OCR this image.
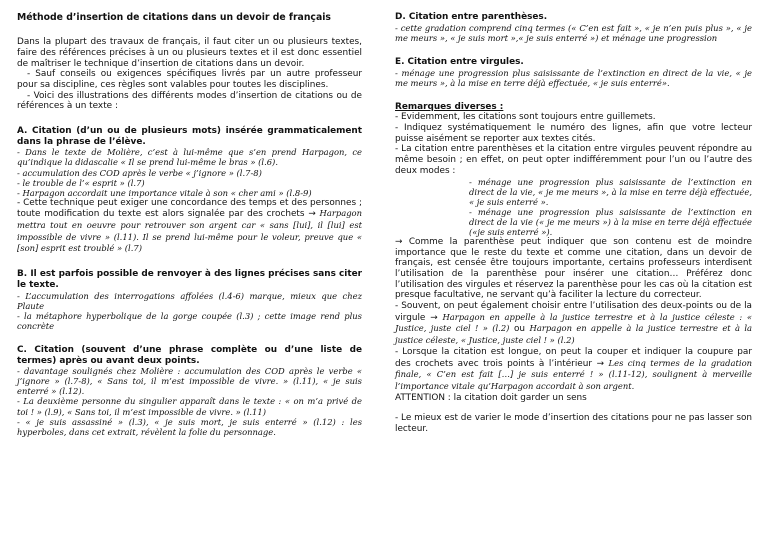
Méthode d’insertion de citations dans un devoir de français

Dans la plupart des travaux de français, il faut citer un ou plusieurs textes, faire des références précises à un ou plusieurs textes et il est donc essentiel de maîtriser le technique d’insertion de citations dans un devoir.

- Sauf conseils ou exigences spécifiques livrés par un autre professeur pour sa discipline, ces règles sont valables pour toutes les disciplines.

- Voici des illustrations des différents modes d’insertion de citations ou de références à un texte :

A. Citation (d’un ou de plusieurs mots) insérée grammaticalement dans la phrase de l’élève.

- Dans le texte de Molière, c’est à lui-même que s’en prend Harpagon, ce qu’indique la didascalie « Il se prend lui-même le bras » (l.6).

- accumulation des COD après le verbe « j’ignore » (l.7-8)

- le trouble de l’« esprit » (l.7)

- Harpagon accordait une importance vitale à son « cher ami » (l.8-9)

- Cette technique peut exiger une concordance des temps et des personnes ; toute modification du texte est alors signalée par des crochets → Harpagon mettra tout en oeuvre pour retrouver son argent car « sans [lui], il [lui] est impossible de vivre » (l.11). Il se prend lui-même pour le voleur, preuve que « [son] esprit est troublé » (l.7)

B. Il est parfois possible de renvoyer à des lignes précises sans citer le texte.

- L’accumulation des interrogations affolées (l.4-6) marque, mieux que chez Plaute

- la métaphore hyperbolique de la gorge coupée (l.3) ; cette image rend plus concrète

C. Citation (souvent d’une phrase complète ou d’une liste de termes) après ou avant deux points.

- davantage soulignés chez Molière : accumulation des COD après le verbe « j’ignore » (l.7-8), « Sans toi, il m’est impossible de vivre. » (l.11), « je suis enterré » (l.12).

- La deuxième personne du singulier apparaît dans le texte : « on m’a privé de toi ! » (l.9), « Sans toi, il m’est impossible de vivre. » (l.11)

- « je suis assassiné » (l.3), « je suis mort, je suis enterré » (l.12) : les hyperboles, dans cet extrait, révèlent la folie du personnage.

D. Citation entre parenthèses.

- cette gradation comprend cinq termes (« C’en est fait », « je n’en puis plus », « je me meurs », « je suis mort »,« je suis enterré ») et ménage une progression

E. Citation entre virgules.

- ménage une progression plus saisissante de l’extinction en direct de la vie, « je me meurs », à la mise en terre déjà effectuée, « je suis enterré».

Remarques diverses :

- Evidemment, les citations sont toujours entre guillemets.

- Indiquez systématiquement le numéro des lignes, afin que votre lecteur puisse aisément se reporter aux textes cités.

- La citation entre parenthèses et la citation entre virgules peuvent répondre au même besoin ; en effet, on peut opter indifféremment pour l’un ou l’autre des deux modes :

- ménage une progression plus saisissante de l’extinction en direct de la vie, « je me meurs », à la mise en terre déjà effectuée, « je suis enterré ».

- ménage une progression plus saisissante de l’extinction en direct de la vie (« je me meurs ») à la mise en terre déjà effectuée («je suis enterré »).

→ Comme la parenthèse peut indiquer que son contenu est de moindre importance que le reste du texte et comme une citation, dans un devoir de français, est censée être toujours importante, certains professeurs interdisent l’utilisation de la parenthèse pour insérer une citation… Préférez donc l’utilisation des virgules et réservez la parenthèse pour les cas où la citation est presque facultative, ne servant qu’à faciliter la lecture du correcteur.

- Souvent, on peut également choisir entre l’utilisation des deux-points ou de la virgule → Harpagon en appelle à la justice terrestre et à la justice céleste : « Justice, juste ciel ! » (l.2) ou Harpagon en appelle à la justice terrestre et à la justice céleste, « Justice, juste ciel ! » (l.2)

- Lorsque la citation est longue, on peut la couper et indiquer la coupure par des crochets avec trois points à l’intérieur → Les cinq termes de la gradation finale, « C’en est fait […] je suis enterré ! » (l.11-12), soulignent à merveille l’importance vitale qu’Harpagon accordait à son argent.

ATTENTION : la citation doit garder un sens

- Le mieux est de varier le mode d’insertion des citations pour ne pas lasser son lecteur.
